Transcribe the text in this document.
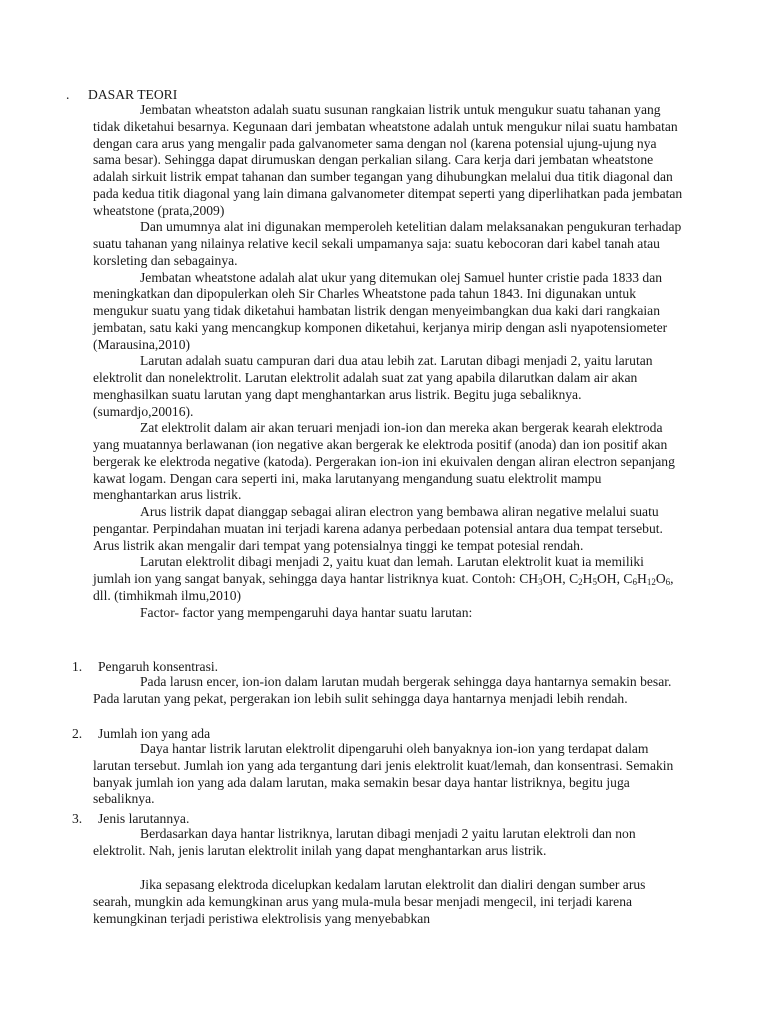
. DASAR TEORI

Jembatan wheatston adalah suatu susunan rangkaian listrik untuk mengukur suatu tahanan yang tidak diketahui besarnya. Kegunaan dari jembatan wheatstone adalah untuk mengukur nilai suatu hambatan dengan cara arus yang mengalir pada galvanometer sama dengan nol (karena potensial ujung-ujung nya sama besar). Sehingga dapat dirumuskan dengan perkalian silang. Cara kerja dari jembatan wheatstone adalah sirkuit listrik empat tahanan dan sumber tegangan yang dihubungkan melalui dua titik diagonal dan pada kedua titik diagonal yang lain dimana galvanometer ditempat seperti yang diperlihatkan pada jembatan wheatstone (prata,2009)

Dan umumnya alat ini digunakan memperoleh ketelitian dalam melaksanakan pengukuran terhadap suatu tahanan yang nilainya relative kecil sekali umpamanya saja: suatu kebocoran dari kabel tanah atau korsleting dan sebagainya.

Jembatan wheatstone adalah alat ukur yang ditemukan olej Samuel hunter cristie pada 1833 dan meningkatkan dan dipopulerkan oleh Sir Charles Wheatstone pada tahun 1843. Ini digunakan untuk mengukur suatu yang tidak diketahui hambatan listrik dengan menyeimbangkan dua kaki dari rangkaian jembatan, satu kaki yang mencangkup komponen diketahui, kerjanya mirip dengan asli nyapotensiometer (Marausina,2010)

Larutan adalah suatu campuran dari dua atau lebih zat. Larutan dibagi menjadi 2, yaitu larutan elektrolit dan nonelektrolit. Larutan elektrolit adalah suat zat yang apabila dilarutkan dalam air akan menghasilkan suatu larutan yang dapt menghantarkan arus listrik. Begitu juga sebaliknya. (sumardjo,20016).

Zat elektrolit dalam air akan teruari menjadi ion-ion dan mereka akan bergerak kearah elektroda yang muatannya berlawanan (ion negative akan bergerak ke elektroda positif (anoda) dan ion positif akan bergerak ke elektroda negative (katoda). Pergerakan ion-ion ini ekuivalen dengan aliran electron sepanjang kawat logam. Dengan cara seperti ini, maka larutanyang mengandung suatu elektrolit mampu menghantarkan arus listrik.

Arus listrik dapat dianggap sebagai aliran electron yang bembawa aliran negative melalui suatu pengantar. Perpindahan muatan ini terjadi karena adanya perbedaan potensial antara dua tempat tersebut. Arus listrik akan mengalir dari tempat yang potensialnya tinggi ke tempat potesial rendah.

Larutan elektrolit dibagi menjadi 2, yaitu kuat dan lemah. Larutan elektrolit kuat ia memiliki jumlah ion yang sangat banyak, sehingga daya hantar listriknya kuat. Contoh: $CH_3OH$, $C_2H_5OH$, $C_6H_{12}O_6$, dll. (timhikmah ilmu,2010)

Factor- factor yang mempengaruhi daya hantar suatu larutan:

1. Pengaruh konsentrasi.

Pada larusn encer, ion-ion dalam larutan mudah bergerak sehingga daya hantarnya semakin besar. Pada larutan yang pekat, pergerakan ion lebih sulit sehingga daya hantarnya menjadi lebih rendah.

2. Jumlah ion yang ada

Daya hantar listrik larutan elektrolit dipengaruhi oleh banyaknya ion-ion yang terdapat dalam larutan tersebut. Jumlah ion yang ada tergantung dari jenis elektrolit kuat/lemah, dan konsentrasi. Semakin banyak jumlah ion yang ada dalam larutan, maka semakin besar daya hantar listriknya, begitu juga sebaliknya.

3. Jenis larutannya.

Berdasarkan daya hantar listriknya, larutan dibagi menjadi 2 yaitu larutan elektroli dan non elektrolit. Nah, jenis larutan elektrolit inilah yang dapat menghantarkan arus listrik.

Jika sepasang elektroda dicelupkan kedalam larutan elektrolit dan dialiri dengan sumber arus searah, mungkin ada kemungkinan arus yang mula-mula besar menjadi mengecil, ini terjadi karena kemungkinan terjadi peristiwa elektrolisis yang menyebabkan
